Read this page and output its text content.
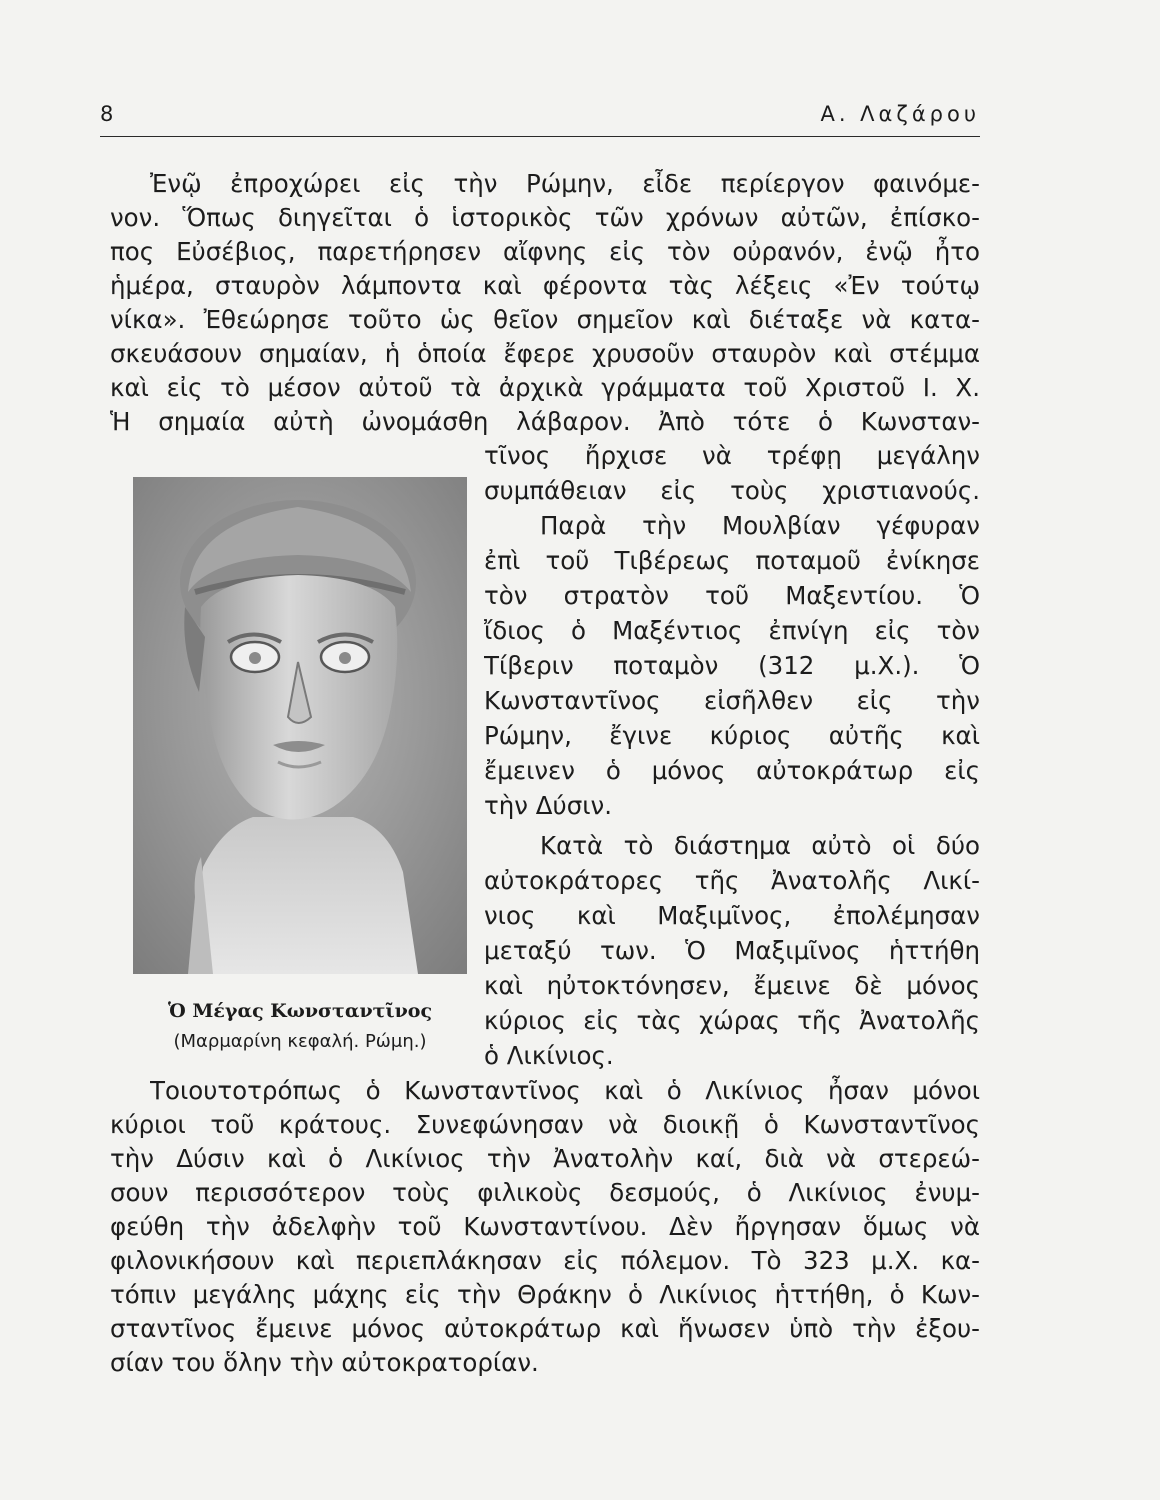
8	Α. Λαζάρου
Ἐνῷ ἐπροχώρει εἰς τὴν Ρώμην, εἶδε περίεργον φαινόμε-
νον. Ὅπως διηγεῖται ὁ ἱστορικὸς τῶν χρόνων αὐτῶν, ἐπίσκο-
πος Εὐσέβιος, παρετήρησεν αἴφνης εἰς τὸν οὐρανόν, ἐνῷ ἦτο
ἡμέρα, σταυρὸν λάμποντα καὶ φέροντα τὰς λέξεις «Ἐν τούτῳ
νίκα». Ἐθεώρησε τοῦτο ὡς θεῖον σημεῖον καὶ διέταξε νὰ κατα-
σκευάσουν σημαίαν, ἡ ὁποία ἔφερε χρυσοῦν σταυρὸν καὶ στέμμα
καὶ εἰς τὸ μέσον αὐτοῦ τὰ ἀρχικὰ γράμματα τοῦ Χριστοῦ Ι. Χ.
Ἡ σημαία αὐτὴ ὠνομάσθη λάβαρον. Ἀπὸ τότε ὁ Κωνσταν-
τῖνος ἤρχισε νὰ τρέφῃ μεγάλην
συμπάθειαν εἰς τοὺς χριστιανούς.
Παρὰ τὴν Μουλβίαν γέφυραν
ἐπὶ τοῦ Τιβέρεως ποταμοῦ ἐνίκησε
τὸν στρατὸν τοῦ Μαξεντίου. Ὁ
ἴδιος ὁ Μαξέντιος ἐπνίγη εἰς τὸν
Τίβεριν ποταμὸν (312 μ.Χ.). Ὁ
Κωνσταντῖνος εἰσῆλθεν εἰς τὴν
Ρώμην, ἔγινε κύριος αὐτῆς καὶ
ἔμεινεν ὁ μόνος αὐτοκράτωρ εἰς
τὴν Δύσιν.
Κατὰ τὸ διάστημα αὐτὸ οἱ δύο
αὐτοκράτορες τῆς Ἀνατολῆς Λικί-
νιος καὶ Μαξιμῖνος, ἐπολέμησαν
μεταξύ των. Ὁ Μαξιμῖνος ἡττήθη
καὶ ηὐτοκτόνησεν, ἔμεινε δὲ μόνος
κύριος εἰς τὰς χώρας τῆς Ἀνατολῆς
ὁ Λικίνιος.
Τοιουτοτρόπως ὁ Κωνσταντῖνος καὶ ὁ Λικίνιος ἦσαν μόνοι
κύριοι τοῦ κράτους. Συνεφώνησαν νὰ διοικῇ ὁ Κωνσταντῖνος
τὴν Δύσιν καὶ ὁ Λικίνιος τὴν Ἀνατολὴν καί, διὰ νὰ στερεώ-
σουν περισσότερον τοὺς φιλικοὺς δεσμούς, ὁ Λικίνιος ἐνυμ-
φεύθη τὴν ἀδελφὴν τοῦ Κωνσταντίνου. Δὲν ἤργησαν ὅμως νὰ
φιλονικήσουν καὶ περιεπλάκησαν εἰς πόλεμον. Τὸ 323 μ.Χ. κα-
τόπιν μεγάλης μάχης εἰς τὴν Θράκην ὁ Λικίνιος ἡττήθη, ὁ Κων-
σταντῖνος ἔμεινε μόνος αὐτοκράτωρ καὶ ἥνωσεν ὑπὸ τὴν ἐξου-
σίαν του ὅλην τὴν αὐτοκρατορίαν.
Ὁ Μέγας Κωνσταντῖνος
(Μαρμαρίνη κεφαλή. Ρώμη.)
